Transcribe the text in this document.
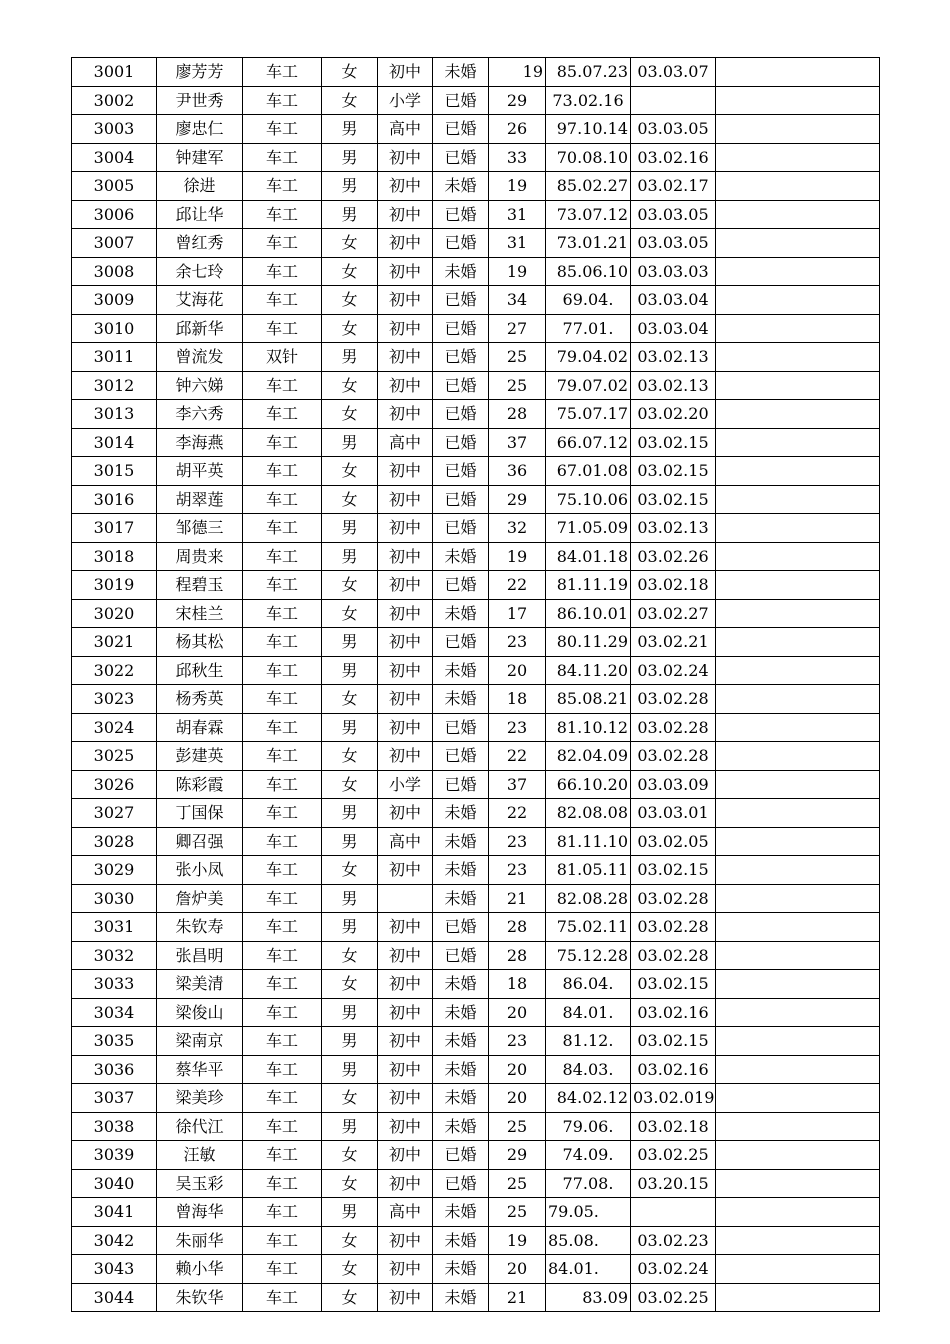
3001	廖芳芳	车工	女	初中	未婚	19	85.07.23	03.03.07	
3002	尹世秀	车工	女	小学	已婚	29	73.02.16		
3003	廖忠仁	车工	男	高中	已婚	26	97.10.14	03.03.05	
3004	钟建军	车工	男	初中	已婚	33	70.08.10	03.02.16	
3005	徐进	车工	男	初中	未婚	19	85.02.27	03.02.17	
3006	邱让华	车工	男	初中	已婚	31	73.07.12	03.03.05	
3007	曾红秀	车工	女	初中	已婚	31	73.01.21	03.03.05	
3008	余七玲	车工	女	初中	未婚	19	85.06.10	03.03.03	
3009	艾海花	车工	女	初中	已婚	34	69.04.	03.03.04	
3010	邱新华	车工	女	初中	已婚	27	77.01.	03.03.04	
3011	曾流发	双针	男	初中	已婚	25	79.04.02	03.02.13	
3012	钟六娣	车工	女	初中	已婚	25	79.07.02	03.02.13	
3013	李六秀	车工	女	初中	已婚	28	75.07.17	03.02.20	
3014	李海燕	车工	男	高中	已婚	37	66.07.12	03.02.15	
3015	胡平英	车工	女	初中	已婚	36	67.01.08	03.02.15	
3016	胡翠莲	车工	女	初中	已婚	29	75.10.06	03.02.15	
3017	邹德三	车工	男	初中	已婚	32	71.05.09	03.02.13	
3018	周贵来	车工	男	初中	未婚	19	84.01.18	03.02.26	
3019	程碧玉	车工	女	初中	已婚	22	81.11.19	03.02.18	
3020	宋桂兰	车工	女	初中	未婚	17	86.10.01	03.02.27	
3021	杨其松	车工	男	初中	已婚	23	80.11.29	03.02.21	
3022	邱秋生	车工	男	初中	未婚	20	84.11.20	03.02.24	
3023	杨秀英	车工	女	初中	未婚	18	85.08.21	03.02.28	
3024	胡春霖	车工	男	初中	已婚	23	81.10.12	03.02.28	
3025	彭建英	车工	女	初中	已婚	22	82.04.09	03.02.28	
3026	陈彩霞	车工	女	小学	已婚	37	66.10.20	03.03.09	
3027	丁国保	车工	男	初中	未婚	22	82.08.08	03.03.01	
3028	卿召强	车工	男	高中	未婚	23	81.11.10	03.02.05	
3029	张小凤	车工	女	初中	未婚	23	81.05.11	03.02.15	
3030	詹炉美	车工	男		未婚	21	82.08.28	03.02.28	
3031	朱钦寿	车工	男	初中	已婚	28	75.02.11	03.02.28	
3032	张昌明	车工	女	初中	已婚	28	75.12.28	03.02.28	
3033	梁美清	车工	女	初中	未婚	18	86.04.	03.02.15	
3034	梁俊山	车工	男	初中	未婚	20	84.01.	03.02.16	
3035	梁南京	车工	男	初中	未婚	23	81.12.	03.02.15	
3036	蔡华平	车工	男	初中	未婚	20	84.03.	03.02.16	
3037	梁美珍	车工	女	初中	未婚	20	84.02.12	03.02.019	
3038	徐代江	车工	男	初中	未婚	25	79.06.	03.02.18	
3039	汪敏	车工	女	初中	已婚	29	74.09.	03.02.25	
3040	吴玉彩	车工	女	初中	已婚	25	77.08.	03.20.15	
3041	曾海华	车工	男	高中	未婚	25	79.05.		
3042	朱丽华	车工	女	初中	未婚	19	85.08.	03.02.23	
3043	赖小华	车工	女	初中	未婚	20	84.01.	03.02.24	
3044	朱钦华	车工	女	初中	未婚	21	83.09	03.02.25	
